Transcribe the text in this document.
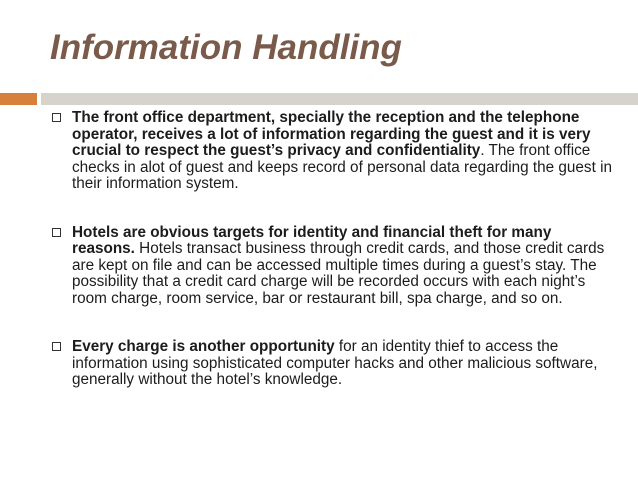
Information Handling
The front office department, specially the reception and the telephone operator, receives a lot of information regarding the guest and it is very crucial to respect the guest’s privacy and confidentiality. The front office checks in alot of guest and keeps record of personal data regarding the guest in their information system.
Hotels are obvious targets for identity and financial theft for many reasons. Hotels transact business through credit cards, and those credit cards are kept on file and can be accessed multiple times during a guest’s stay. The possibility that a credit card charge will be recorded occurs with each night’s room charge, room service, bar or restaurant bill, spa charge, and so on.
Every charge is another opportunity for an identity thief to access the information using sophisticated computer hacks and other malicious software, generally without the hotel’s knowledge.
